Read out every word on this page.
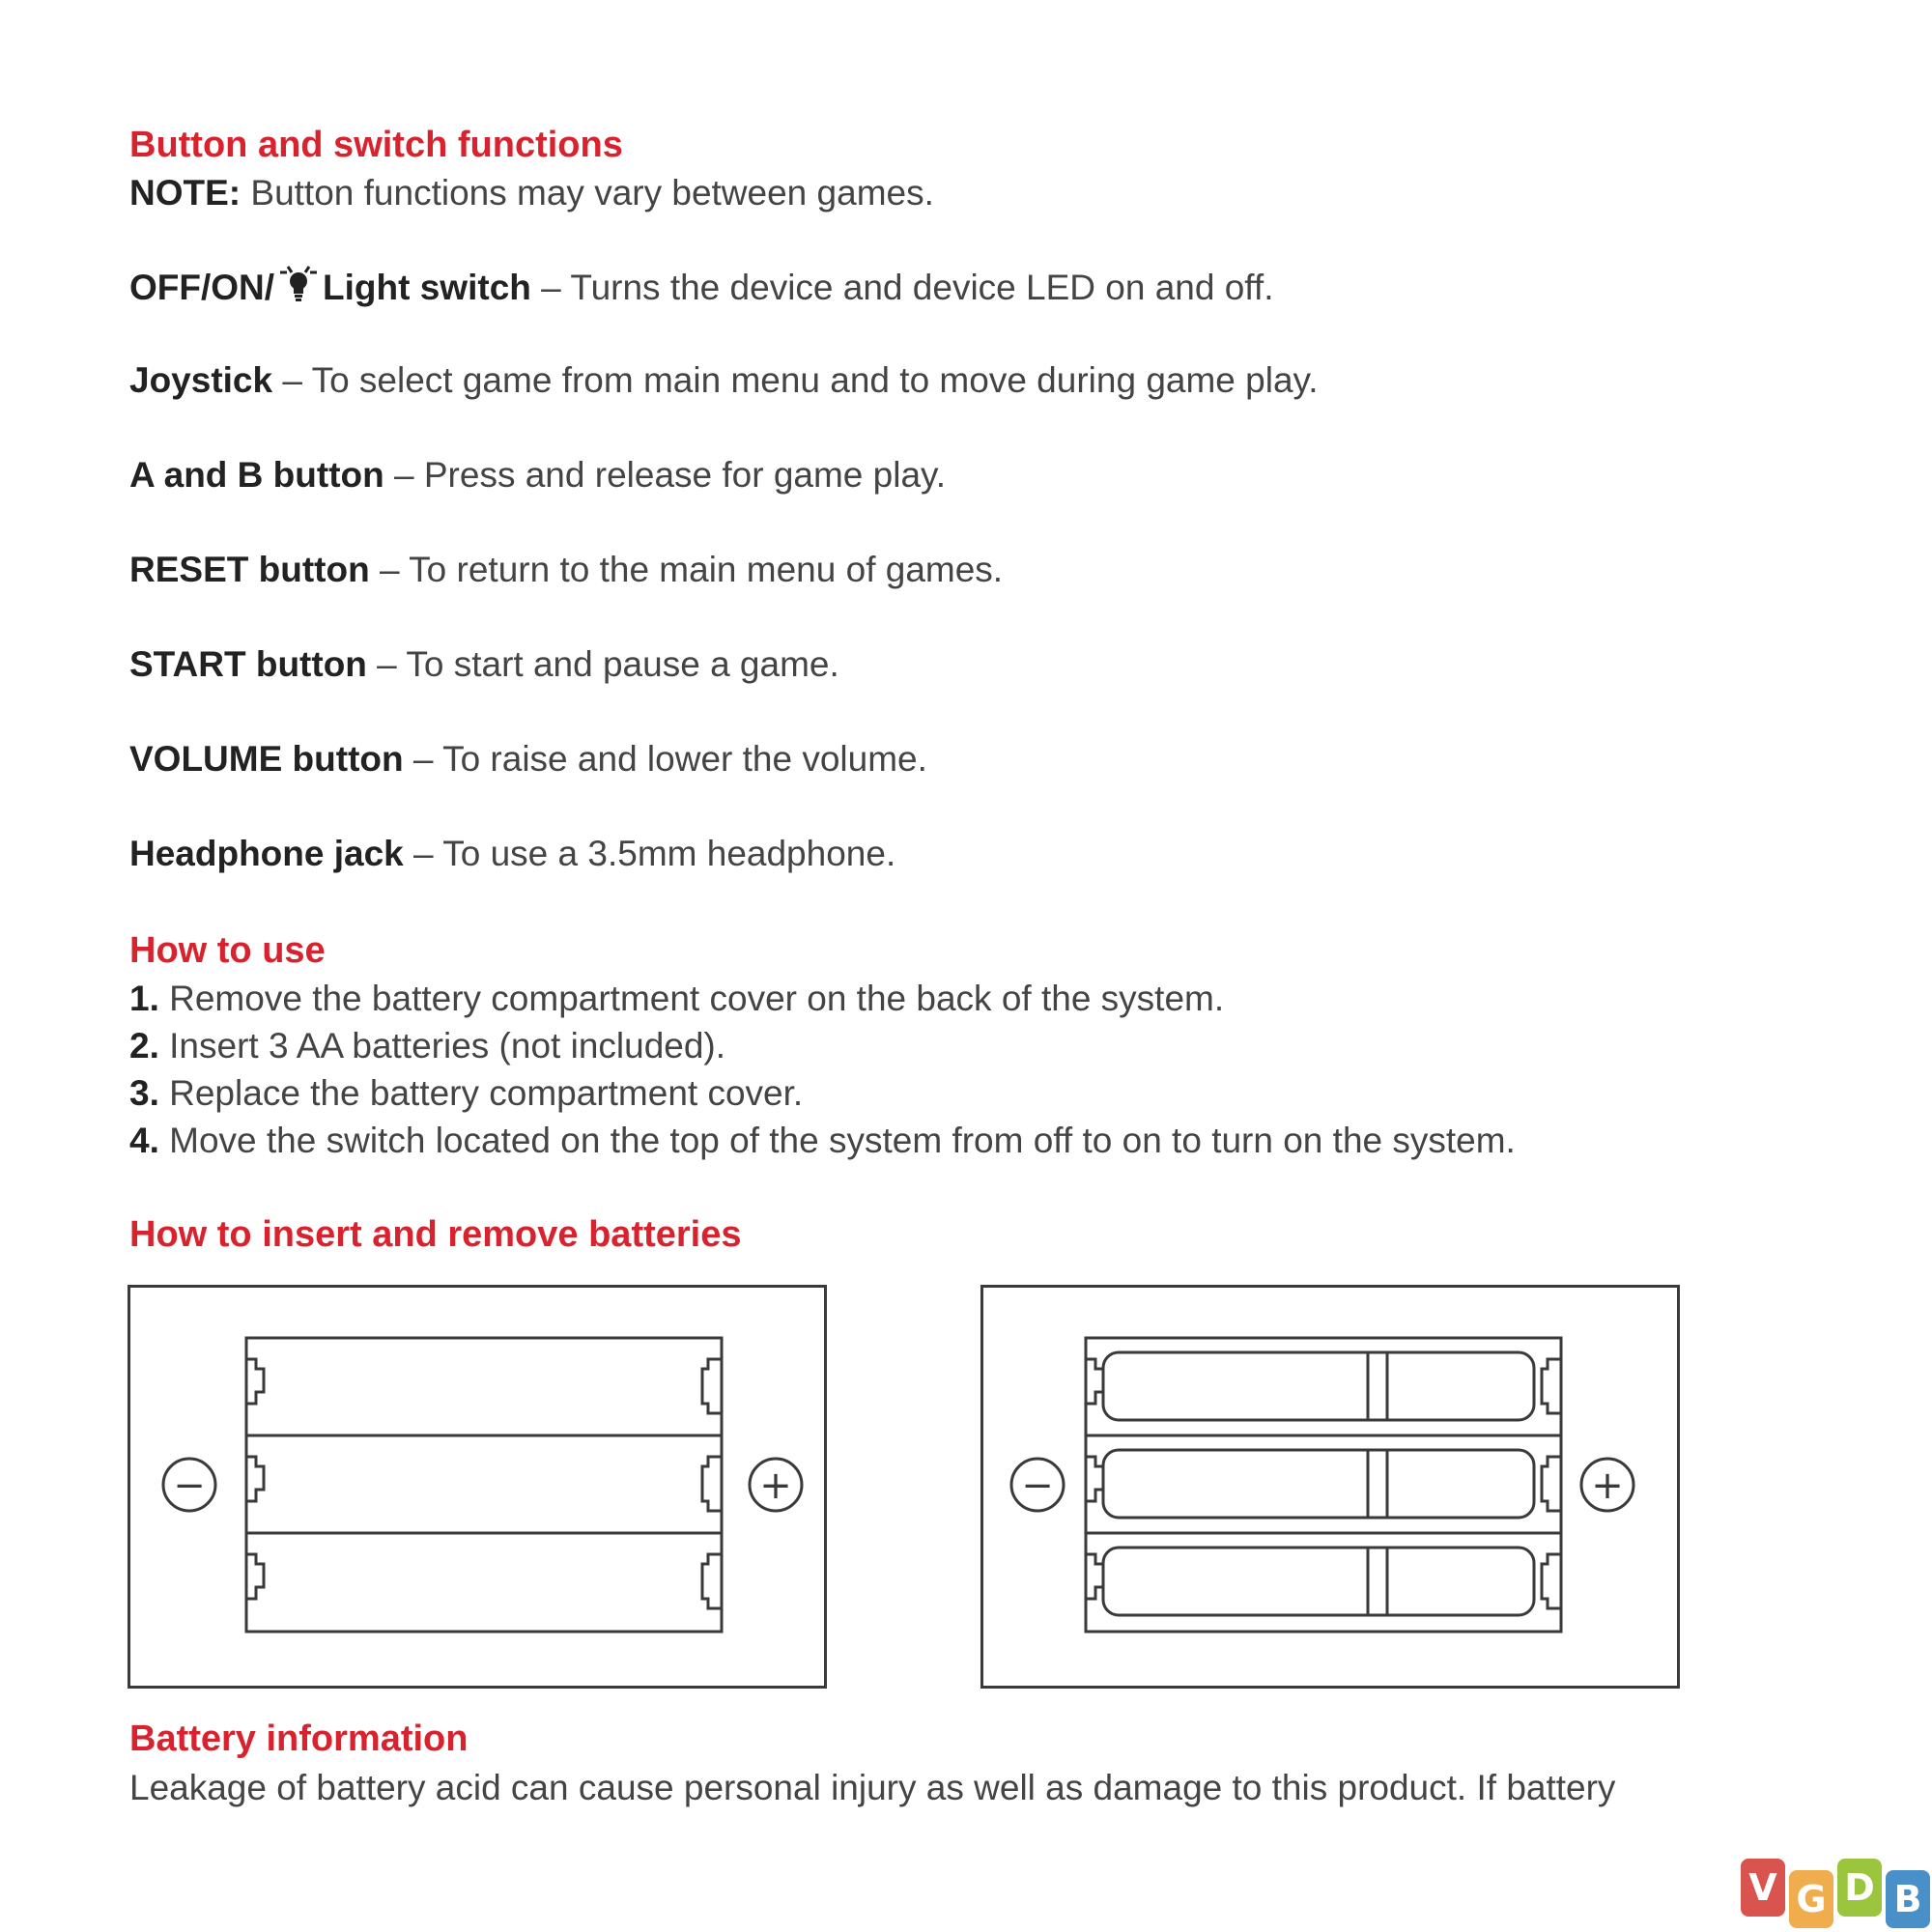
Button and switch functions
NOTE: Button functions may vary between games.
OFF/ON/ Light switch – Turns the device and device LED on and off.
Joystick – To select game from main menu and to move during game play.
A and B button – Press and release for game play.
RESET button – To return to the main menu of games.
START button – To start and pause a game.
VOLUME button – To raise and lower the volume.
Headphone jack – To use a 3.5mm headphone.
How to use
1. Remove the battery compartment cover on the back of the system.
2. Insert 3 AA batteries (not included).
3. Replace the battery compartment cover.
4. Move the switch located on the top of the system from off to on to turn on the system.
How to insert and remove batteries
−	+	−	+
Battery information
Leakage of battery acid can cause personal injury as well as damage to this product. If battery
V G D B
